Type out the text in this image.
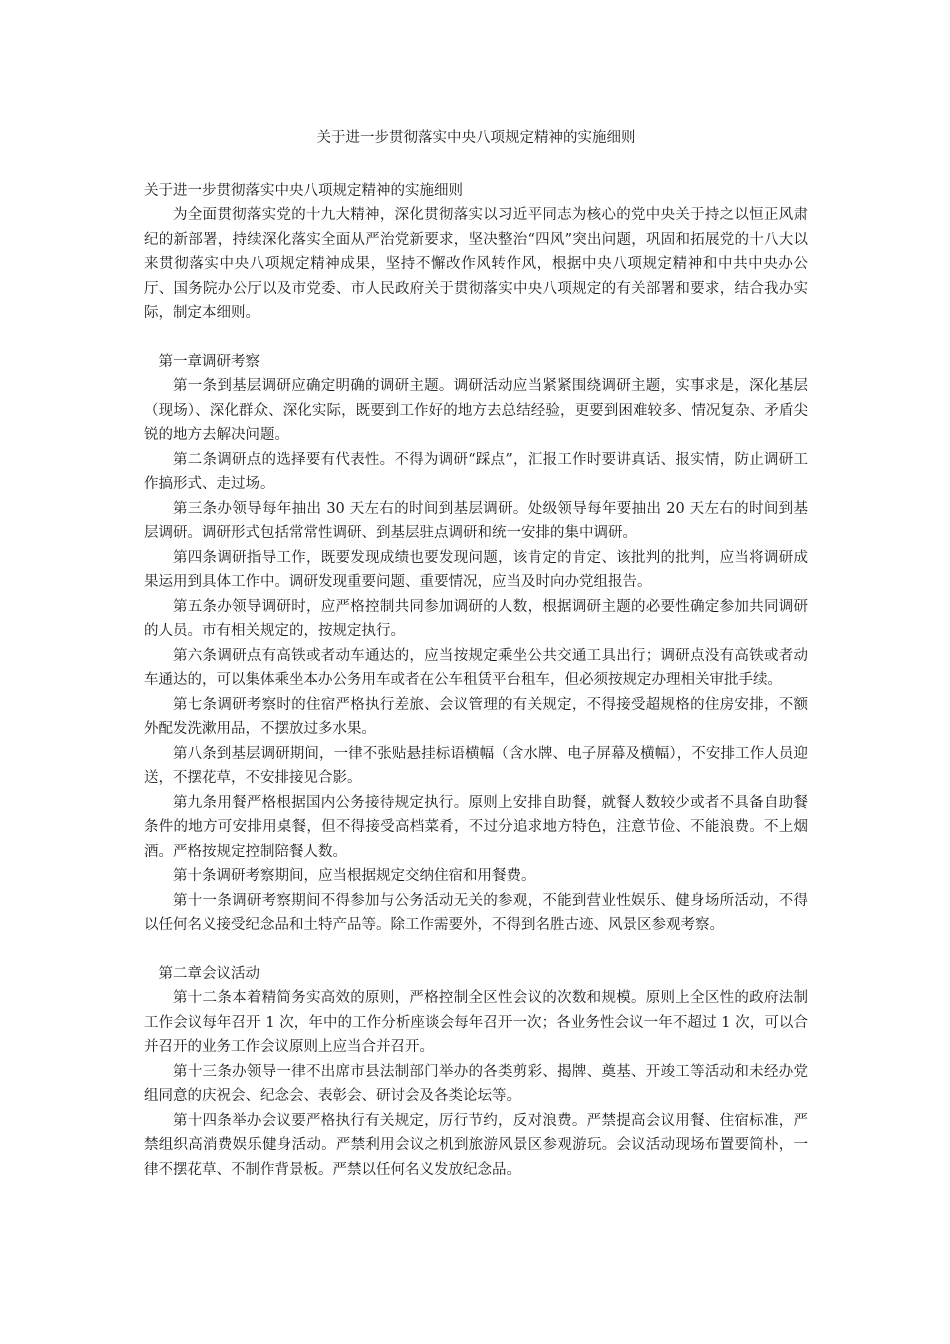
关于进一步贯彻落实中央八项规定精神的实施细则

关于进一步贯彻落实中央八项规定精神的实施细则

为全面贯彻落实党的十九大精神，深化贯彻落实以习近平同志为核心的党中央关于持之以恒正风肃纪的新部署，持续深化落实全面从严治党新要求，坚决整治“四风”突出问题，巩固和拓展党的十八大以来贯彻落实中央八项规定精神成果，坚持不懈改作风转作风，根据中央八项规定精神和中共中央办公厅、国务院办公厅以及市党委、市人民政府关于贯彻落实中央八项规定的有关部署和要求，结合我办实际，制定本细则。

第一章调研考察

第一条到基层调研应确定明确的调研主题。调研活动应当紧紧围绕调研主题，实事求是，深化基层（现场）、深化群众、深化实际，既要到工作好的地方去总结经验，更要到困难较多、情况复杂、矛盾尖锐的地方去解决问题。

第二条调研点的选择要有代表性。不得为调研“踩点”，汇报工作时要讲真话、报实情，防止调研工作搞形式、走过场。

第三条办领导每年抽出 30 天左右的时间到基层调研。处级领导每年要抽出 20 天左右的时间到基层调研。调研形式包括常常性调研、到基层驻点调研和统一安排的集中调研。

第四条调研指导工作，既要发现成绩也要发现问题，该肯定的肯定、该批判的批判，应当将调研成果运用到具体工作中。调研发现重要问题、重要情况，应当及时向办党组报告。

第五条办领导调研时，应严格控制共同参加调研的人数，根据调研主题的必要性确定参加共同调研的人员。市有相关规定的，按规定执行。

第六条调研点有高铁或者动车通达的，应当按规定乘坐公共交通工具出行；调研点没有高铁或者动车通达的，可以集体乘坐本办公务用车或者在公车租赁平台租车，但必须按规定办理相关审批手续。

第七条调研考察时的住宿严格执行差旅、会议管理的有关规定，不得接受超规格的住房安排，不额外配发洗漱用品，不摆放过多水果。

第八条到基层调研期间，一律不张贴悬挂标语横幅（含水牌、电子屏幕及横幅），不安排工作人员迎送，不摆花草，不安排接见合影。

第九条用餐严格根据国内公务接待规定执行。原则上安排自助餐，就餐人数较少或者不具备自助餐条件的地方可安排用桌餐，但不得接受高档菜肴，不过分追求地方特色，注意节俭、不能浪费。不上烟酒。严格按规定控制陪餐人数。

第十条调研考察期间，应当根据规定交纳住宿和用餐费。

第十一条调研考察期间不得参加与公务活动无关的参观，不能到营业性娱乐、健身场所活动，不得以任何名义接受纪念品和土特产品等。除工作需要外，不得到名胜古迹、风景区参观考察。

第二章会议活动

第十二条本着精简务实高效的原则，严格控制全区性会议的次数和规模。原则上全区性的政府法制工作会议每年召开 1 次，年中的工作分析座谈会每年召开一次；各业务性会议一年不超过 1 次，可以合并召开的业务工作会议原则上应当合并召开。

第十三条办领导一律不出席市县法制部门举办的各类剪彩、揭牌、奠基、开竣工等活动和未经办党组同意的庆祝会、纪念会、表彰会、研讨会及各类论坛等。

第十四条举办会议要严格执行有关规定，厉行节约，反对浪费。严禁提高会议用餐、住宿标准，严禁组织高消费娱乐健身活动。严禁利用会议之机到旅游风景区参观游玩。会议活动现场布置要简朴，一律不摆花草、不制作背景板。严禁以任何名义发放纪念品。
